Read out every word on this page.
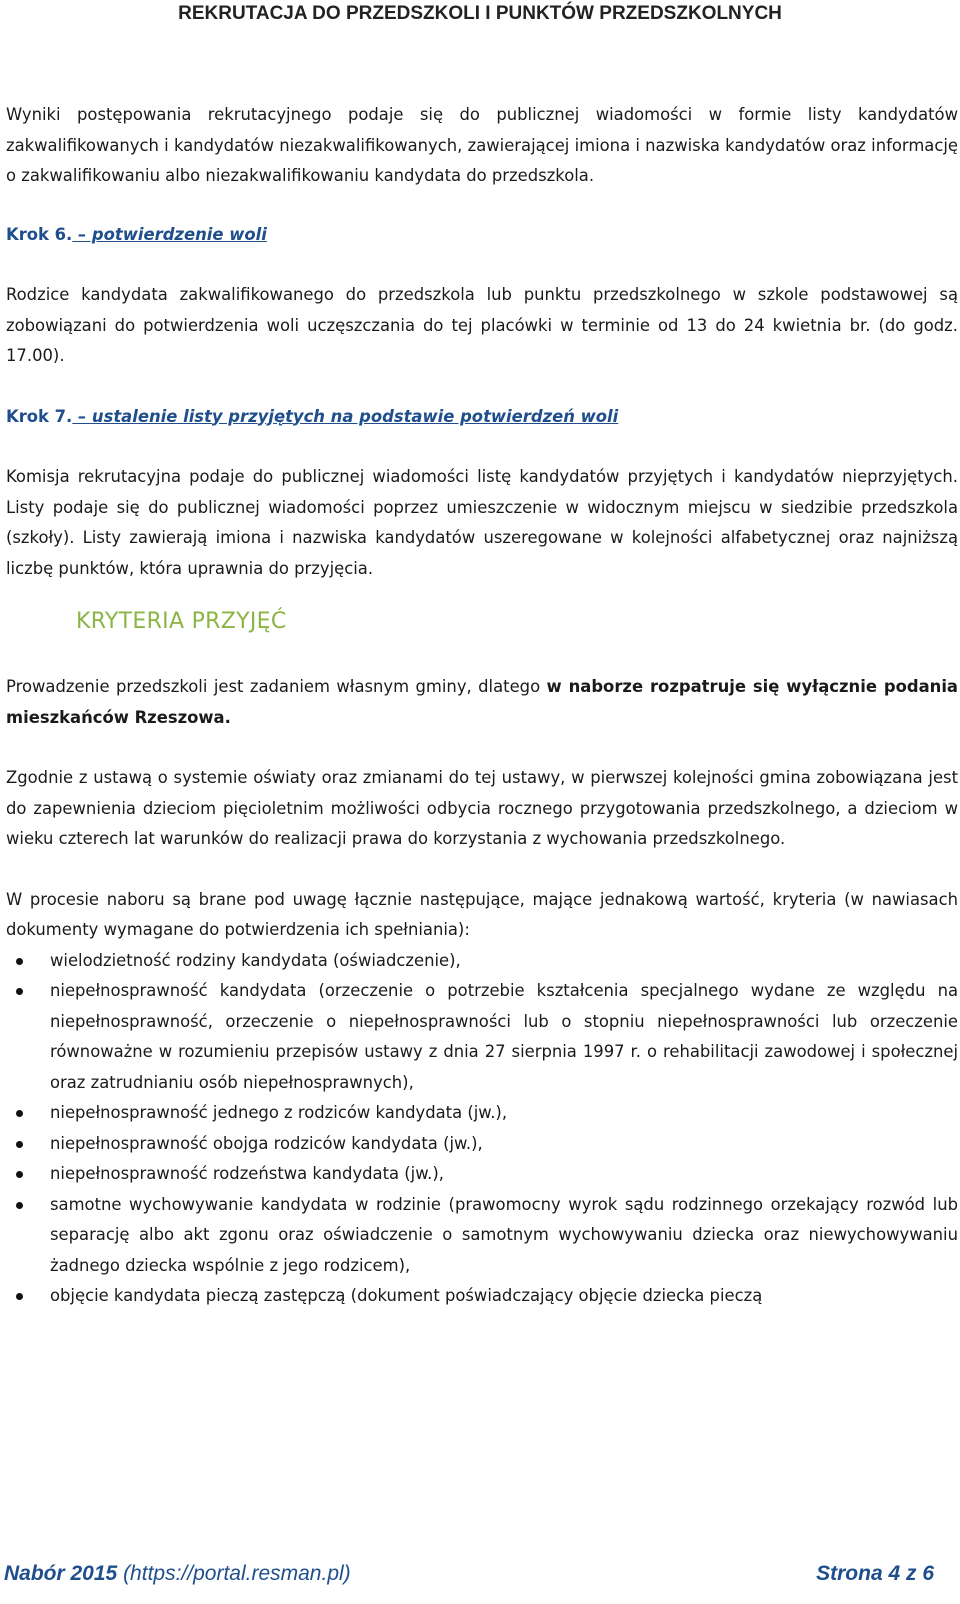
REKRUTACJA DO PRZEDSZKOLI I PUNKTÓW PRZEDSZKOLNYCH

Wyniki postępowania rekrutacyjnego podaje się do publicznej wiadomości w formie listy kandydatów zakwalifikowanych i kandydatów niezakwalifikowanych, zawierającej imiona i nazwiska kandydatów oraz informację o zakwalifikowaniu albo niezakwalifikowaniu kandydata do przedszkola.

Krok 6. – potwierdzenie woli

Rodzice kandydata zakwalifikowanego do przedszkola lub punktu przedszkolnego w szkole podstawowej są zobowiązani do potwierdzenia woli uczęszczania do tej placówki w terminie od 13 do 24 kwietnia br. (do godz. 17.00).

Krok 7. – ustalenie listy przyjętych na podstawie potwierdzeń woli

Komisja rekrutacyjna podaje do publicznej wiadomości listę kandydatów przyjętych i kandydatów nieprzyjętych. Listy podaje się do publicznej wiadomości poprzez umieszczenie w widocznym miejscu w siedzibie przedszkola (szkoły). Listy zawierają imiona i nazwiska kandydatów uszeregowane w kolejności alfabetycznej oraz najniższą liczbę punktów, która uprawnia do przyjęcia.

KRYTERIA PRZYJĘĆ

Prowadzenie przedszkoli jest zadaniem własnym gminy, dlatego w naborze rozpatruje się wyłącznie podania mieszkańców Rzeszowa.

Zgodnie z ustawą o systemie oświaty oraz zmianami do tej ustawy, w pierwszej kolejności gmina zobowiązana jest do zapewnienia dzieciom pięcioletnim możliwości odbycia rocznego przygotowania przedszkolnego, a dzieciom w wieku czterech lat warunków do realizacji prawa do korzystania z wychowania przedszkolnego.

W procesie naboru są brane pod uwagę łącznie następujące, mające jednakową wartość, kryteria (w nawiasach dokumenty wymagane do potwierdzenia ich spełniania):

wielodzietność rodziny kandydata (oświadczenie),
niepełnosprawność kandydata (orzeczenie o potrzebie kształcenia specjalnego wydane ze względu na niepełnosprawność, orzeczenie o niepełnosprawności lub o stopniu niepełnosprawności lub orzeczenie równoważne w rozumieniu przepisów ustawy z dnia 27 sierpnia 1997 r. o rehabilitacji zawodowej i społecznej oraz zatrudnianiu osób niepełnosprawnych),
niepełnosprawność jednego z rodziców kandydata (jw.),
niepełnosprawność obojga rodziców kandydata (jw.),
niepełnosprawność rodzeństwa kandydata (jw.),
samotne wychowywanie kandydata w rodzinie (prawomocny wyrok sądu rodzinnego orzekający rozwód lub separację albo akt zgonu oraz oświadczenie o samotnym wychowywaniu dziecka oraz niewychowywaniu żadnego dziecka wspólnie z jego rodzicem),
objęcie kandydata pieczą zastępczą (dokument poświadczający objęcie dziecka pieczą
Nabór 2015 (https://portal.resman.pl)	Strona 4 z 6
